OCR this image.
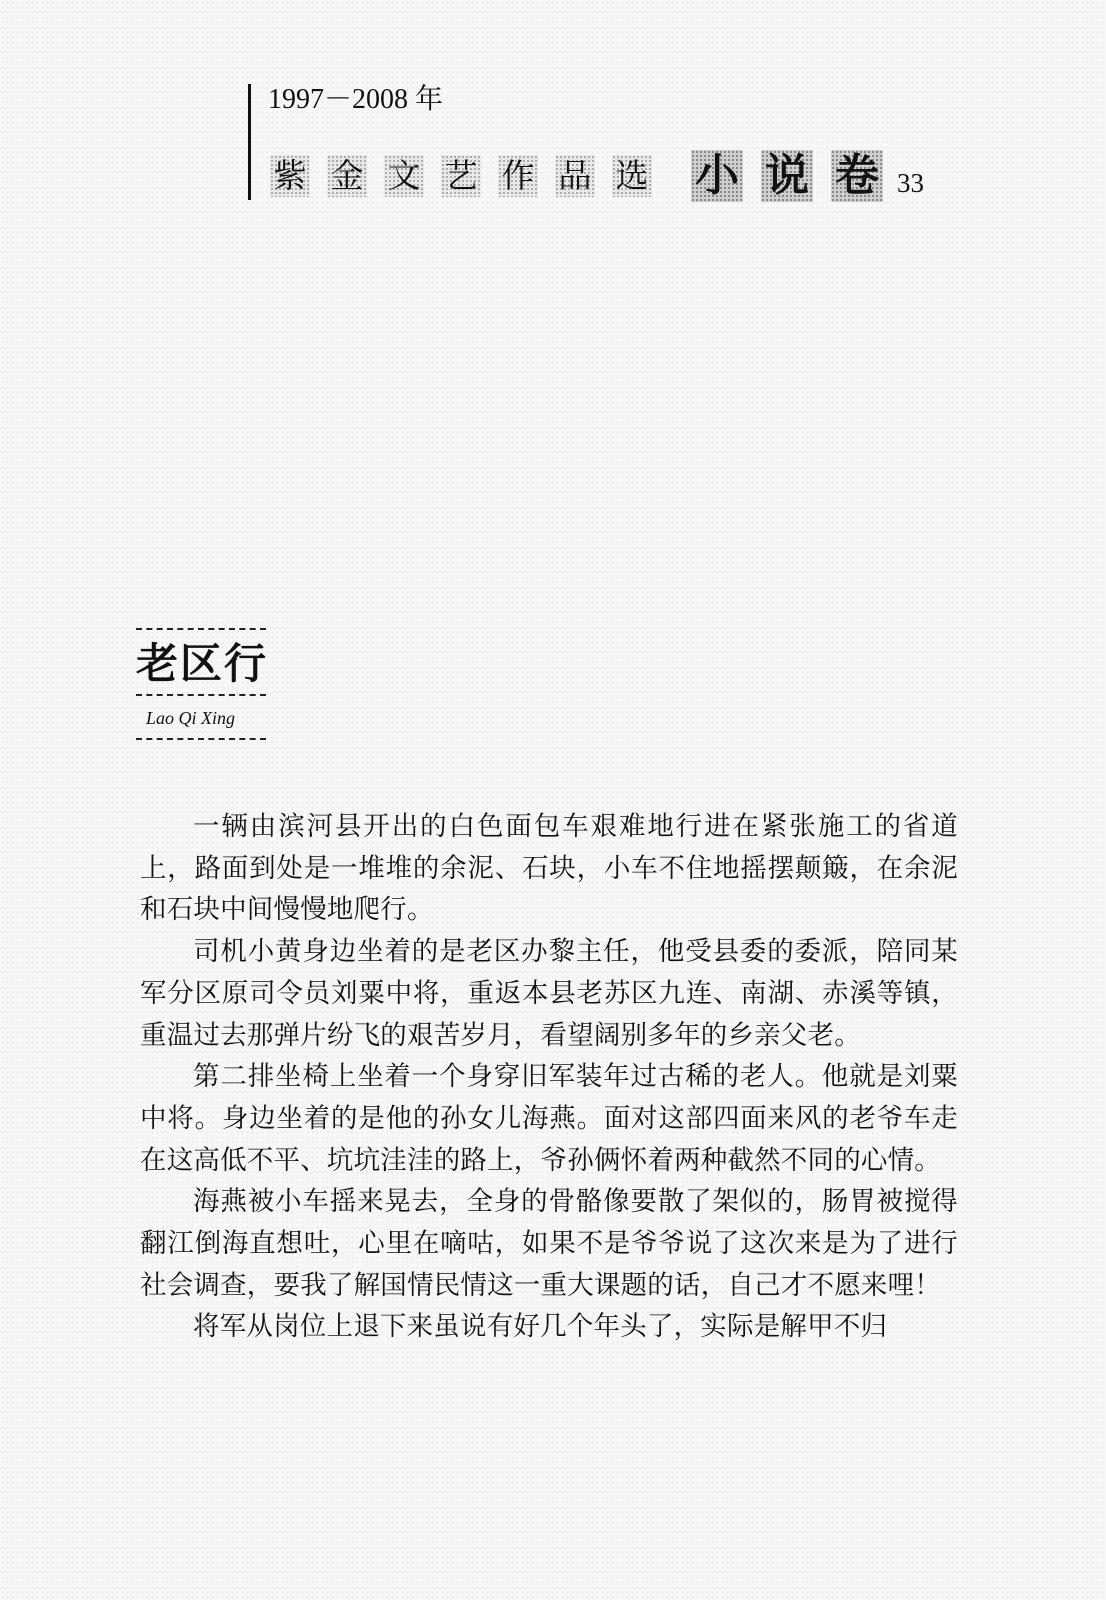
1997－2008 年
紫 金 文 艺 作 品 选 小 说 卷 33
老区行
Lao Qi Xing

一辆由滨河县开出的白色面包车艰难地行进在紧张施工的省道上，路面到处是一堆堆的余泥、石块，小车不住地摇摆颠簸，在余泥和石块中间慢慢地爬行。

司机小黄身边坐着的是老区办黎主任，他受县委的委派，陪同某军分区原司令员刘粟中将，重返本县老苏区九连、南湖、赤溪等镇，重温过去那弹片纷飞的艰苦岁月，看望阔别多年的乡亲父老。

第二排坐椅上坐着一个身穿旧军装年过古稀的老人。他就是刘粟中将。身边坐着的是他的孙女儿海燕。面对这部四面来风的老爷车走在这高低不平、坑坑洼洼的路上，爷孙俩怀着两种截然不同的心情。

海燕被小车摇来晃去，全身的骨骼像要散了架似的，肠胃被搅得翻江倒海直想吐，心里在嘀咕，如果不是爷爷说了这次来是为了进行社会调查，要我了解国情民情这一重大课题的话，自己才不愿来哩！

将军从岗位上退下来虽说有好几个年头了，实际是解甲不归
